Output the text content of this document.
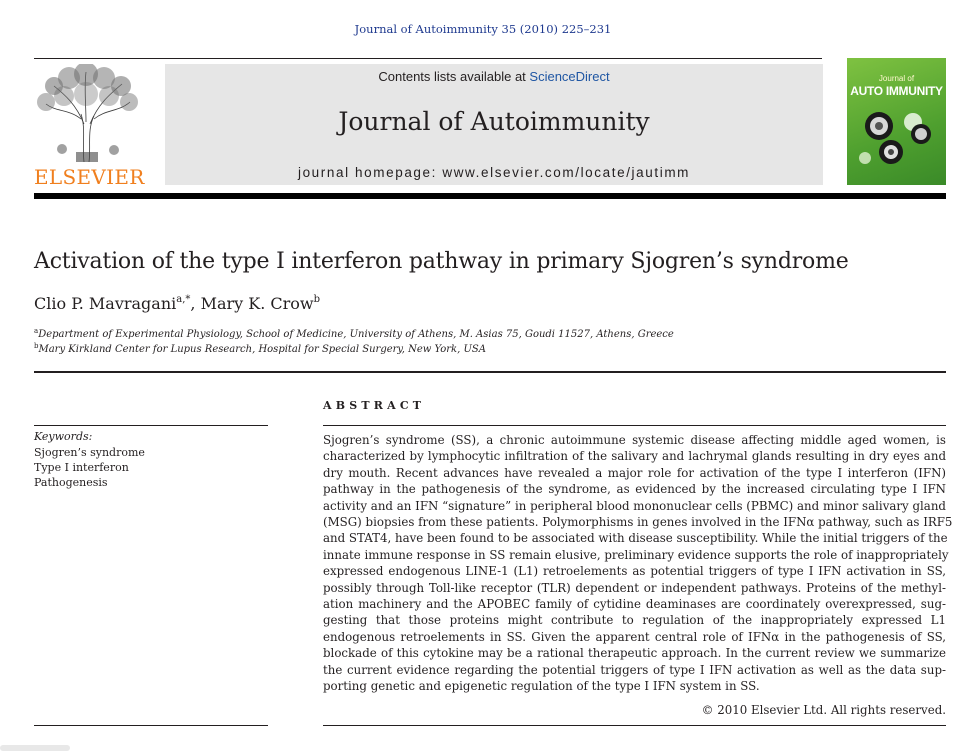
Journal of Autoimmunity 35 (2010) 225–231
ELSEVIER
Contents lists available at ScienceDirect
Journal of Autoimmunity
journal homepage: www.elsevier.com/locate/jautimm
Journal of
AUTO IMMUNITY
Activation of the type I interferon pathway in primary Sjogren’s syndrome
Clio P. Mavragani$^{a,*}$, Mary K. Crow$^b$
$^a$Department of Experimental Physiology, School of Medicine, University of Athens, M. Asias 75, Goudi 11527, Athens, Greece
$^b$Mary Kirkland Center for Lupus Research, Hospital for Special Surgery, New York, USA
ABSTRACT
Keywords:
Sjogren’s syndrome
Type I interferon
Pathogenesis
Sjogren’s syndrome (SS), a chronic autoimmune systemic disease affecting middle aged women, is
characterized by lymphocytic infiltration of the salivary and lachrymal glands resulting in dry eyes and
dry mouth. Recent advances have revealed a major role for activation of the type I interferon (IFN)
pathway in the pathogenesis of the syndrome, as evidenced by the increased circulating type I IFN
activity and an IFN “signature” in peripheral blood mononuclear cells (PBMC) and minor salivary gland
(MSG) biopsies from these patients. Polymorphisms in genes involved in the IFNα pathway, such as IRF5
and STAT4, have been found to be associated with disease susceptibility. While the initial triggers of the
innate immune response in SS remain elusive, preliminary evidence supports the role of inappropriately
expressed endogenous LINE-1 (L1) retroelements as potential triggers of type I IFN activation in SS,
possibly through Toll-like receptor (TLR) dependent or independent pathways. Proteins of the methyl-
ation machinery and the APOBEC family of cytidine deaminases are coordinately overexpressed, sug-
gesting that those proteins might contribute to regulation of the inappropriately expressed L1
endogenous retroelements in SS. Given the apparent central role of IFNα in the pathogenesis of SS,
blockade of this cytokine may be a rational therapeutic approach. In the current review we summarize
the current evidence regarding the potential triggers of type I IFN activation as well as the data sup-
porting genetic and epigenetic regulation of the type I IFN system in SS.
© 2010 Elsevier Ltd. All rights reserved.
